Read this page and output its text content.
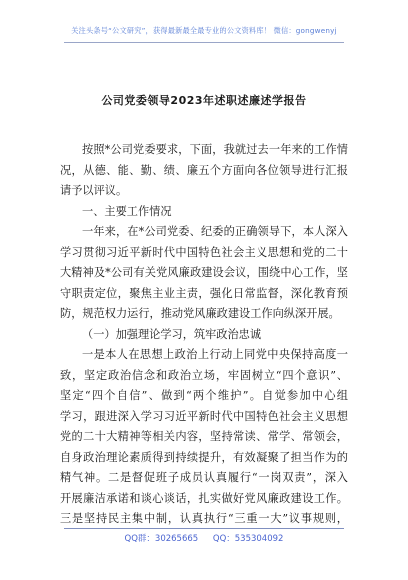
关注头条号“公文研究”，获得最新最全最专业的公文资料库！ 微信：gongwenyj
公司党委领导2023年述职述廉述学报告
按照*公司党委要求，下面，我就过去一年来的工作情
况，从德、能、勤、绩、廉五个方面向各位领导进行汇报
请予以评议。
一、主要工作情况
一年来，在*公司党委、纪委的正确领导下，本人深入
学习贯彻习近平新时代中国特色社会主义思想和党的二十
大精神及*公司有关党风廉政建设会议，围绕中心工作，坚
守职责定位，聚焦主业主责，强化日常监督，深化教育预
防，规范权力运行，推动党风廉政建设工作向纵深开展。
（一）加强理论学习，筑牢政治忠诚
一是本人在思想上政治上行动上同党中央保持高度一
致，坚定政治信念和政治立场，牢固树立“四个意识”、
坚定“四个自信”、做到“两个维护”。自觉参加中心组
学习，跟进深入学习习近平新时代中国特色社会主义思想
党的二十大精神等相关内容，坚持常读、常学、常领会，
自身政治理论素质得到持续提升，有效凝聚了担当作为的
精气神。二是督促班子成员认真履行“一岗双责”，深入
开展廉洁承诺和谈心谈话，扎实做好党风廉政建设工作。
三是坚持民主集中制，认真执行“三重一大”议事规则，
QQ群：30265665 QQ：535304092
